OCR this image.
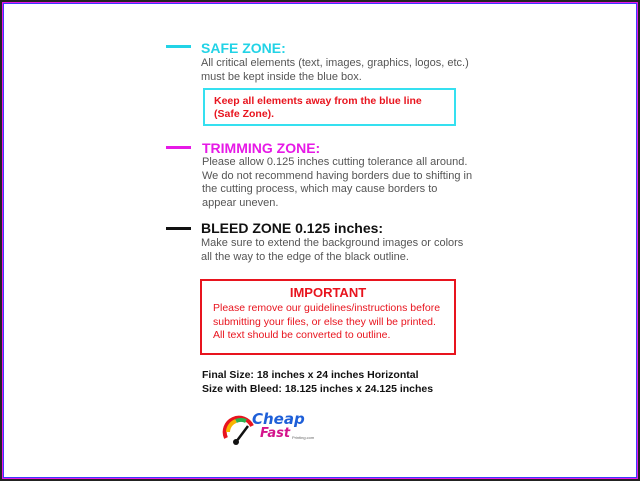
SAFE ZONE:
All critical elements (text, images, graphics, logos, etc.)
must be kept inside the blue box.
Keep all elements away from the blue line
(Safe Zone).
TRIMMING ZONE:
Please allow 0.125 inches cutting tolerance all around.
We do not recommend having borders due to shifting in
the cutting process, which may cause borders to
appear uneven.
BLEED ZONE 0.125 inches:
Make sure to extend the background images or colors
all the way to the edge of the black outline.
IMPORTANT
Please remove our guidelines/instructions before
submitting your files, or else they will be printed.
All text should be converted to outline.
Final Size: 18 inches x 24 inches Horizontal
Size with Bleed: 18.125 inches x 24.125 inches
Cheap
Fast Printing.com
